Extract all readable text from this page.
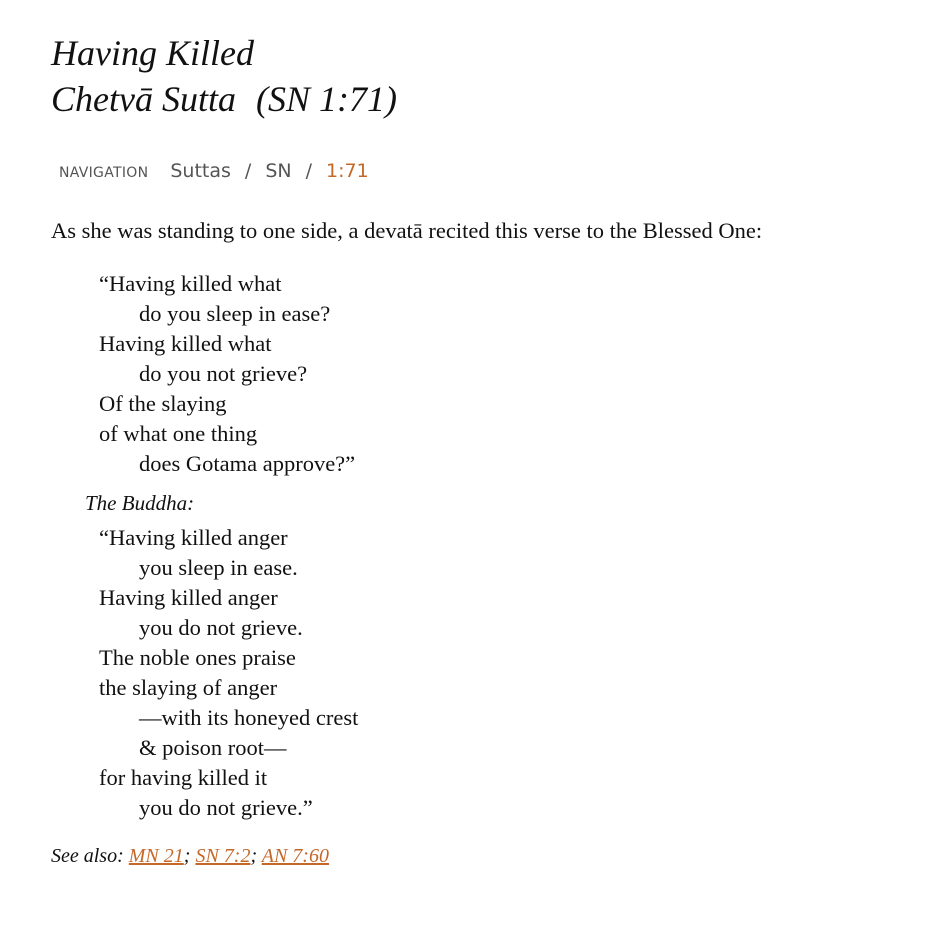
Having Killed
Chetvā Sutta (SN 1:71)
NAVIGATION Suttas / SN / 1:71

As she was standing to one side, a devatā recited this verse to the Blessed One:

“Having killed what
do you sleep in ease?
Having killed what
do you not grieve?
Of the slaying
of what one thing
does Gotama approve?”
The Buddha:
“Having killed anger
you sleep in ease.
Having killed anger
you do not grieve.
The noble ones praise
the slaying of anger
—with its honeyed crest
& poison root—
for having killed it
you do not grieve.”
See also: MN 21; SN 7:2; AN 7:60
